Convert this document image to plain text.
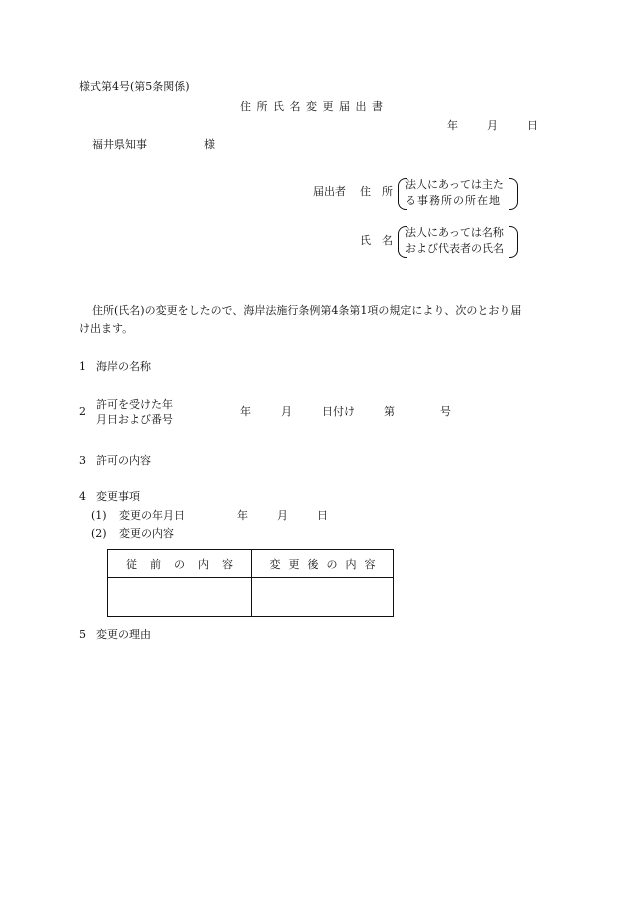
様式第4号(第5条関係)
住 所 氏 名 変 更 届 出 書
年	月	日
福井県知事	様
届出者 住　所
法人にあっては主た
る事務所の所在地
氏　名
法人にあっては名称
および代表者の氏名
住所(氏名)の変更をしたので、海岸法施行条例第4条第1項の規定により、次のとおり届
け出ます。
1 海岸の名称
2
許可を受けた年
月日および番号
年	月	日付け	第	号
3 許可の内容
4 変更事項
(1) 変更の年月日	年	月	日
(2) 変更の内容
従前の内容	変更後の内容

5 変更の理由
